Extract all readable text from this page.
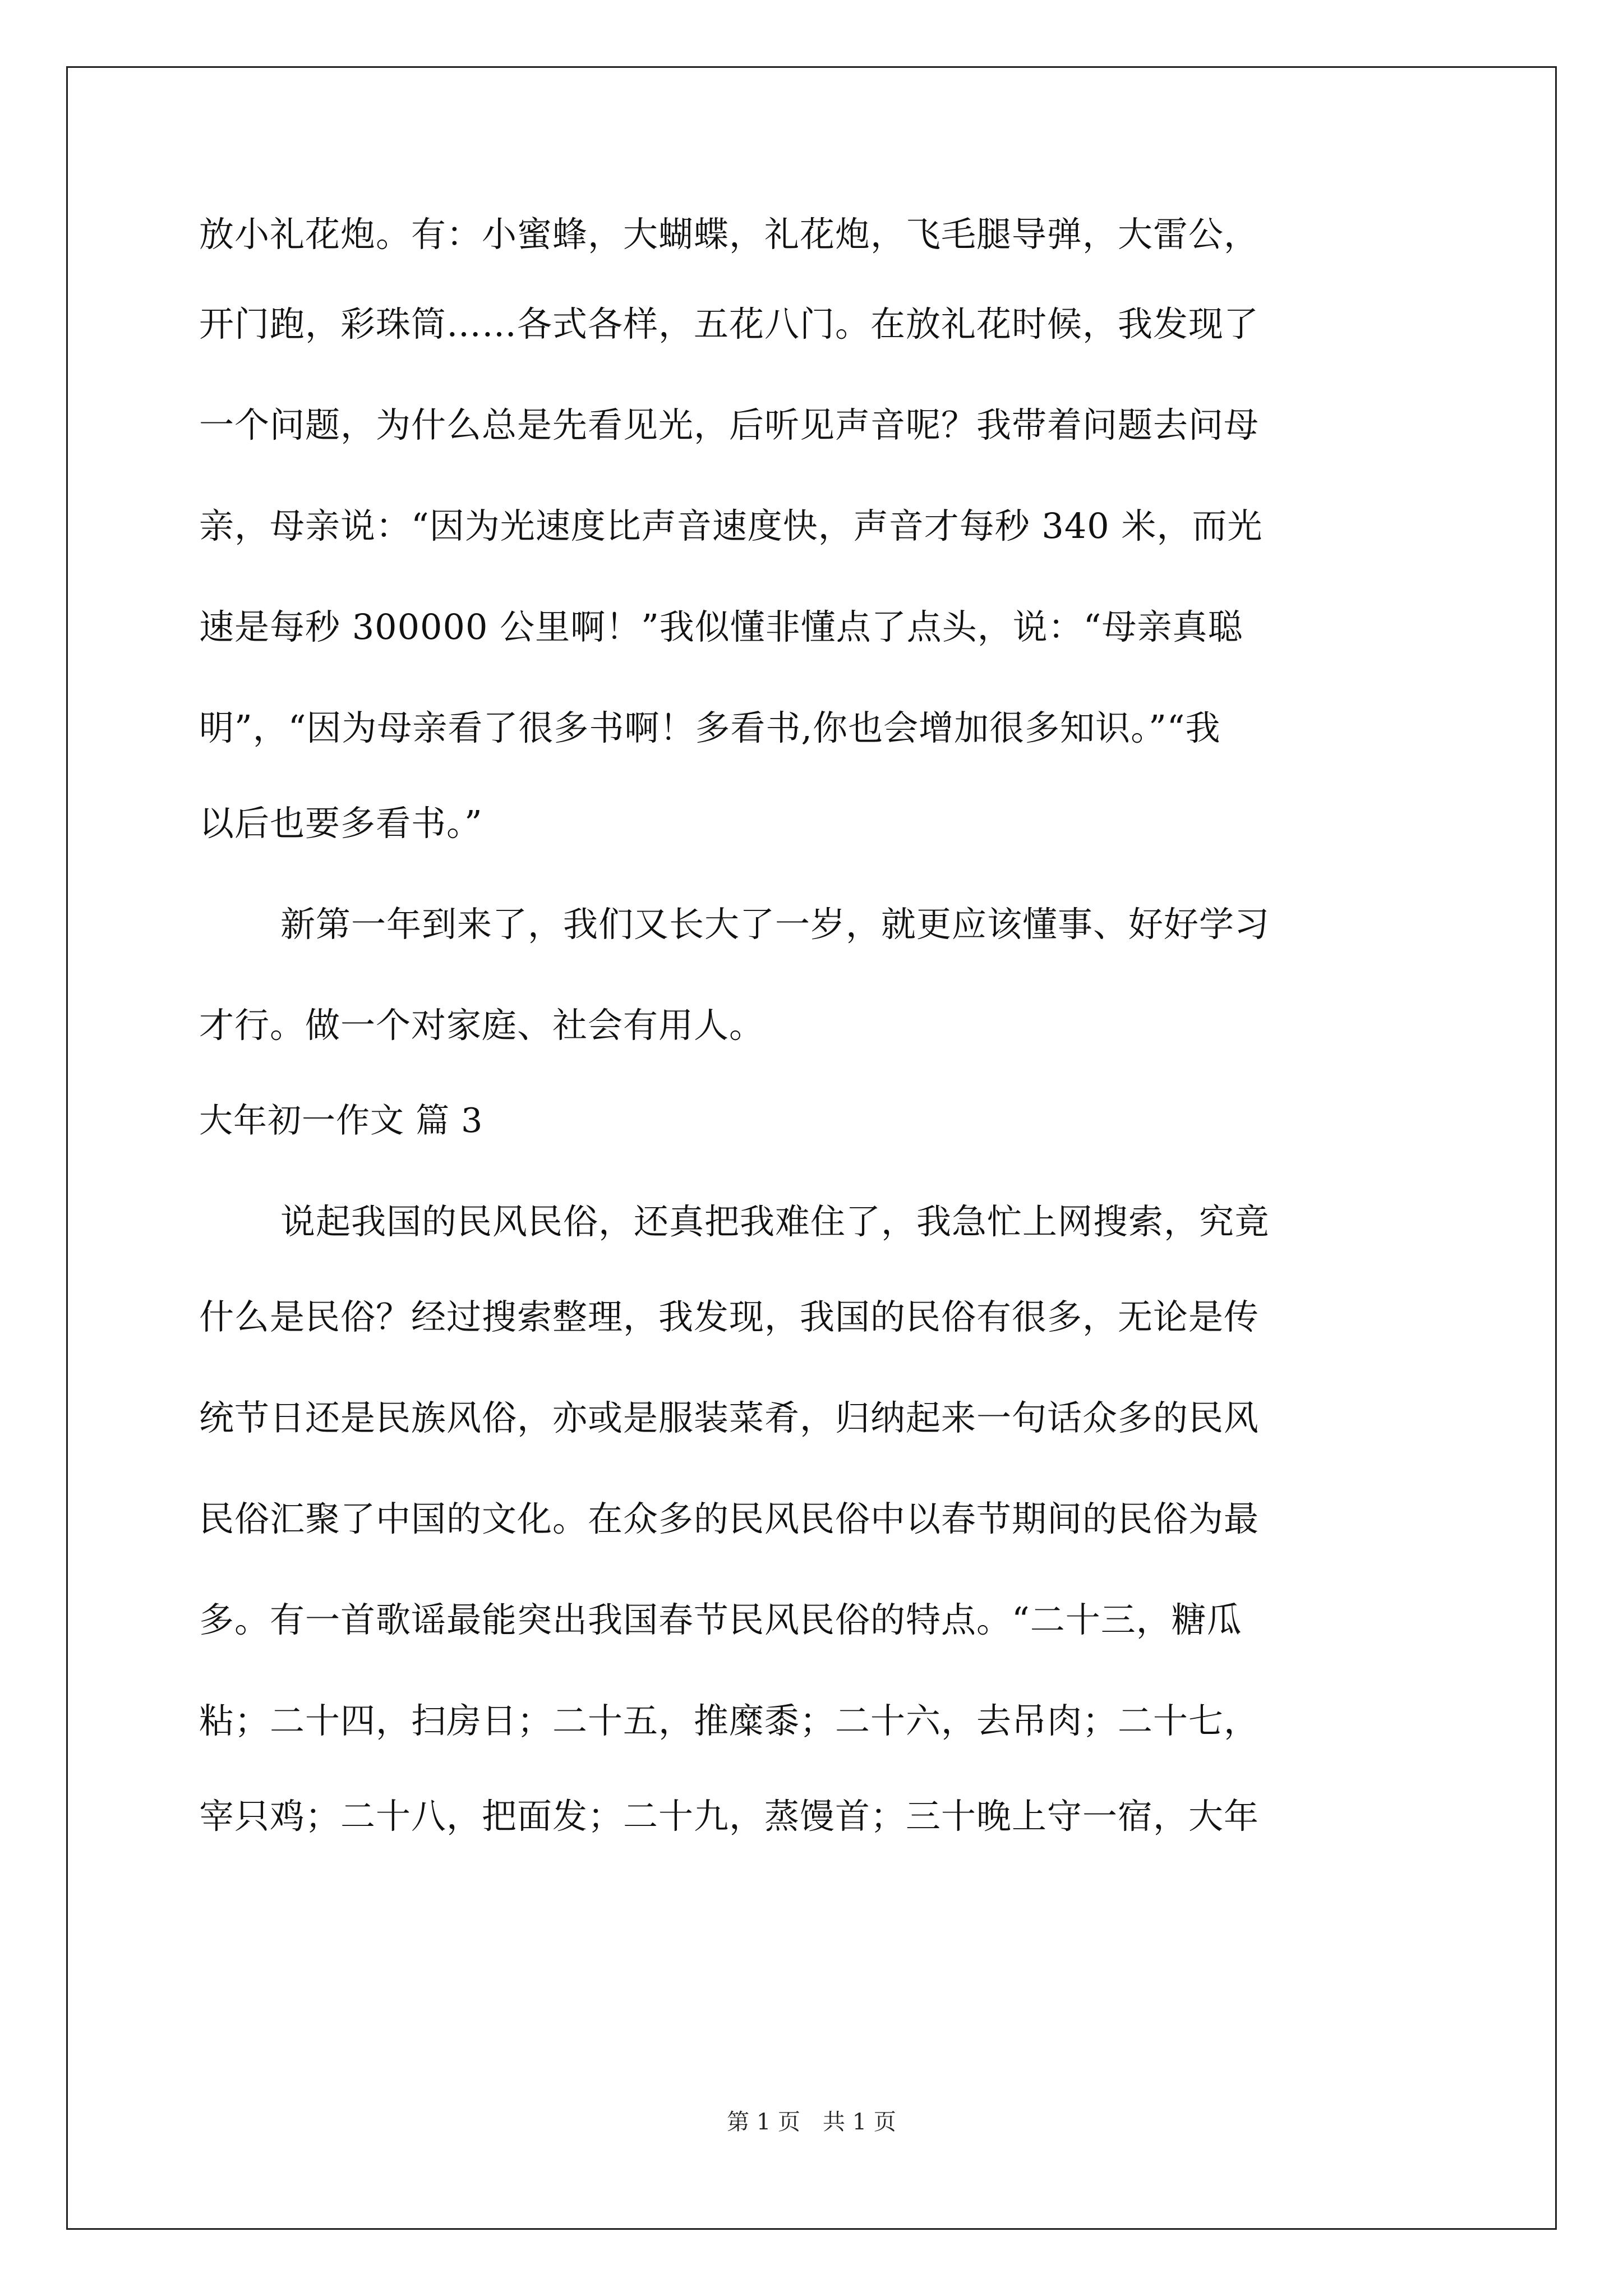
放小礼花炮。有：小蜜蜂，大蝴蝶，礼花炮，飞毛腿导弹，大雷公，
开门跑，彩珠筒……各式各样，五花八门。在放礼花时候，我发现了
一个问题，为什么总是先看见光，后听见声音呢？我带着问题去问母
亲，母亲说：“因为光速度比声音速度快，声音才每秒 340 米，而光
速是每秒 300000 公里啊！”我似懂非懂点了点头，说：“母亲真聪
明”，“因为母亲看了很多书啊！多看书,你也会增加很多知识。”“我
以后也要多看书。”
新第一年到来了，我们又长大了一岁，就更应该懂事、好好学习
才行。做一个对家庭、社会有用人。
大年初一作文 篇 3
说起我国的民风民俗，还真把我难住了，我急忙上网搜索，究竟
什么是民俗？经过搜索整理，我发现，我国的民俗有很多，无论是传
统节日还是民族风俗，亦或是服装菜肴，归纳起来一句话众多的民风
民俗汇聚了中国的文化。在众多的民风民俗中以春节期间的民俗为最
多。有一首歌谣最能突出我国春节民风民俗的特点。“二十三，糖瓜
粘；二十四，扫房日；二十五，推糜黍；二十六，去吊肉；二十七，
宰只鸡；二十八，把面发；二十九，蒸馒首；三十晚上守一宿，大年
第 1 页　共 1 页
